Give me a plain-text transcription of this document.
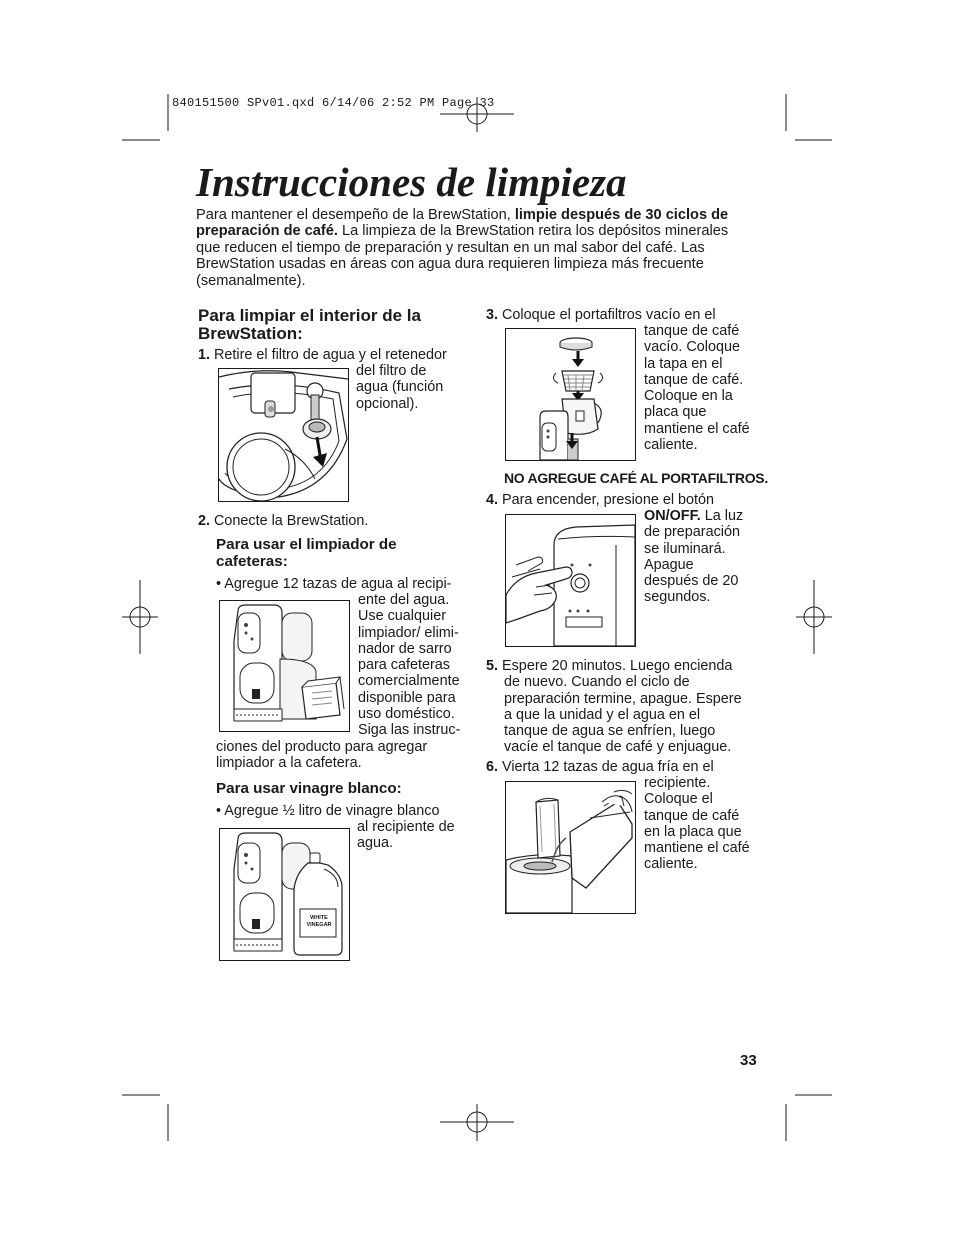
840151500 SPv01.qxd 6/14/06 2:52 PM Page 33
Instrucciones de limpieza
Para mantener el desempeño de la BrewStation, limpie después de 30 ciclos de preparación de café. La limpieza de la BrewStation retira los depósitos minerales que reducen el tiempo de preparación y resultan en un mal sabor del café. Las BrewStation usadas en áreas con agua dura requieren limpieza más frecuente (semanalmente).
Para limpiar el interior de la
BrewStation:
1. Retire el filtro de agua y el retenedor
del filtro de
agua (función
opcional).
2. Conecte la BrewStation.
Para usar el limpiador de
cafeteras:
• Agregue 12 tazas de agua al recipi-
ente del agua.
Use cualquier
limpiador/ elimi-
nador de sarro
para cafeteras
comercialmente
disponible para
uso doméstico.
Siga las instruc-
ciones del producto para agregar
limpiador a la cafetera.
Para usar vinagre blanco:
• Agregue ½ litro de vinagre blanco
al recipiente de
agua.
WHITE
VINEGAR
3. Coloque el portafiltros vacío en el
tanque de café
vacío. Coloque
la tapa en el
tanque de café.
Coloque en la
placa que
mantiene el café
caliente.
NO AGREGUE CAFÉ AL PORTAFILTROS.
4. Para encender, presione el botón
ON/OFF. La luz
de preparación
se iluminará.
Apague
después de 20
segundos.
5. Espere 20 minutos. Luego encienda
de nuevo. Cuando el ciclo de
preparación termine, apague. Espere
a que la unidad y el agua en el
tanque de agua se enfríen, luego
vacíe el tanque de café y enjuague.
6. Vierta 12 tazas de agua fría en el
recipiente.
Coloque el
tanque de café
en la placa que
mantiene el café
caliente.
33
